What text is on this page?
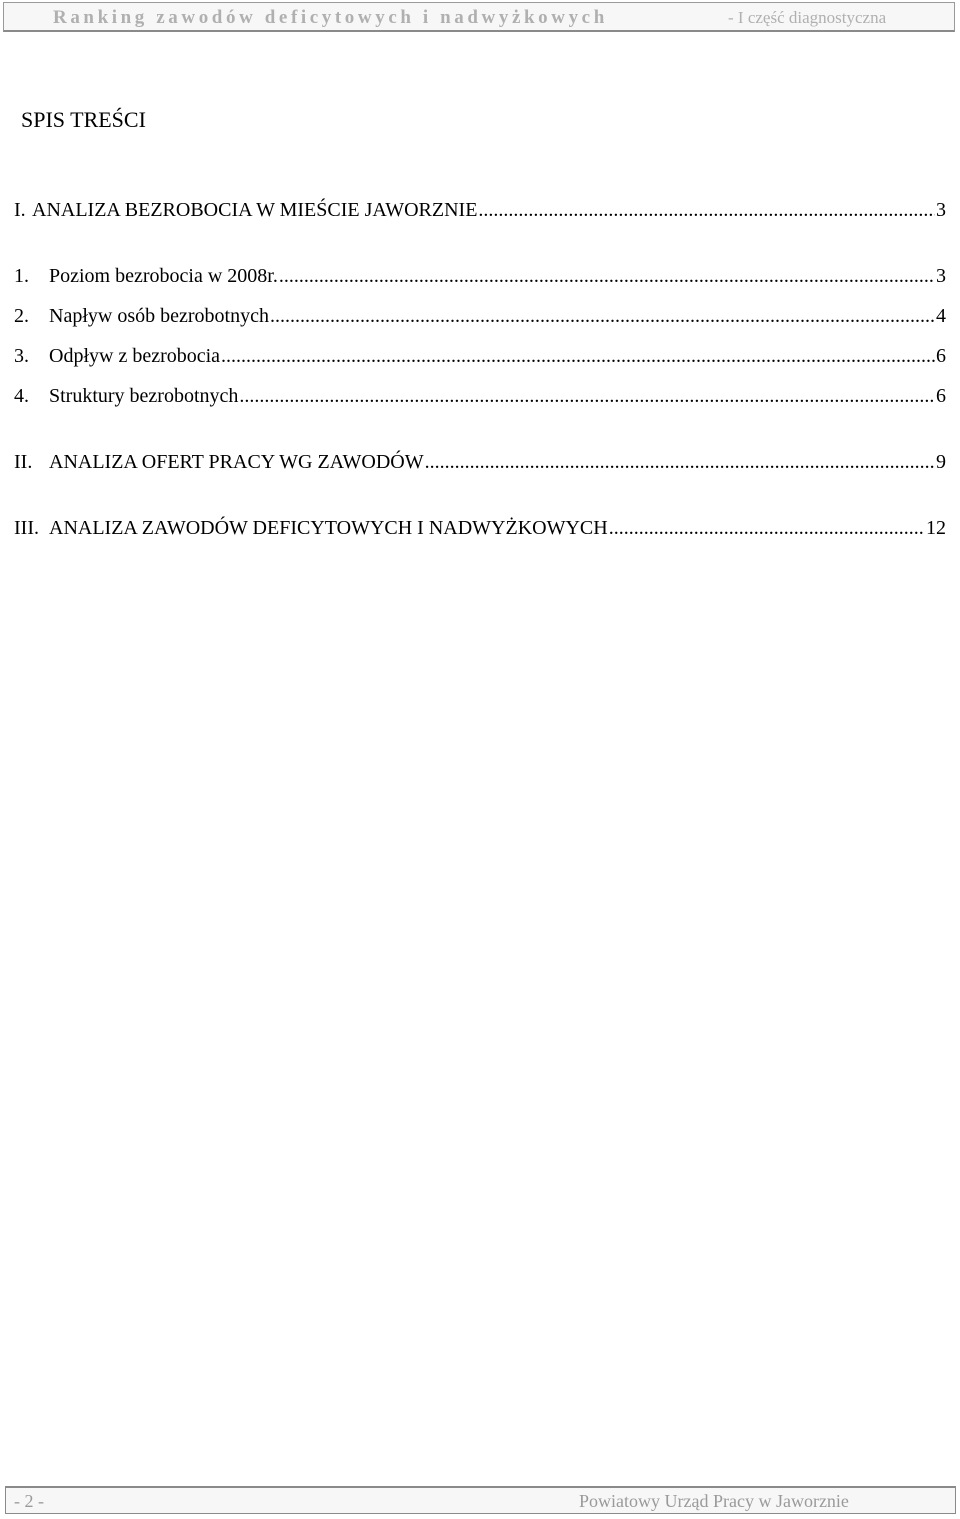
Ranking zawodów deficytowych i nadwyżkowych	- I część diagnostyczna
SPIS TREŚCI
I. ANALIZA BEZROBOCIA W MIEŚCIE JAWORZNIE .....	3
1.	Poziom bezrobocia w 2008r. .....	3
2.	Napływ osób bezrobotnych .....	4
3.	Odpływ z bezrobocia .....	6
4.	Struktury bezrobotnych .....	6
II. ANALIZA OFERT PRACY WG ZAWODÓW .....	9
III. ANALIZA ZAWODÓW DEFICYTOWYCH I NADWYŻKOWYCH .....	12
- 2 -	Powiatowy Urząd Pracy w Jaworznie
